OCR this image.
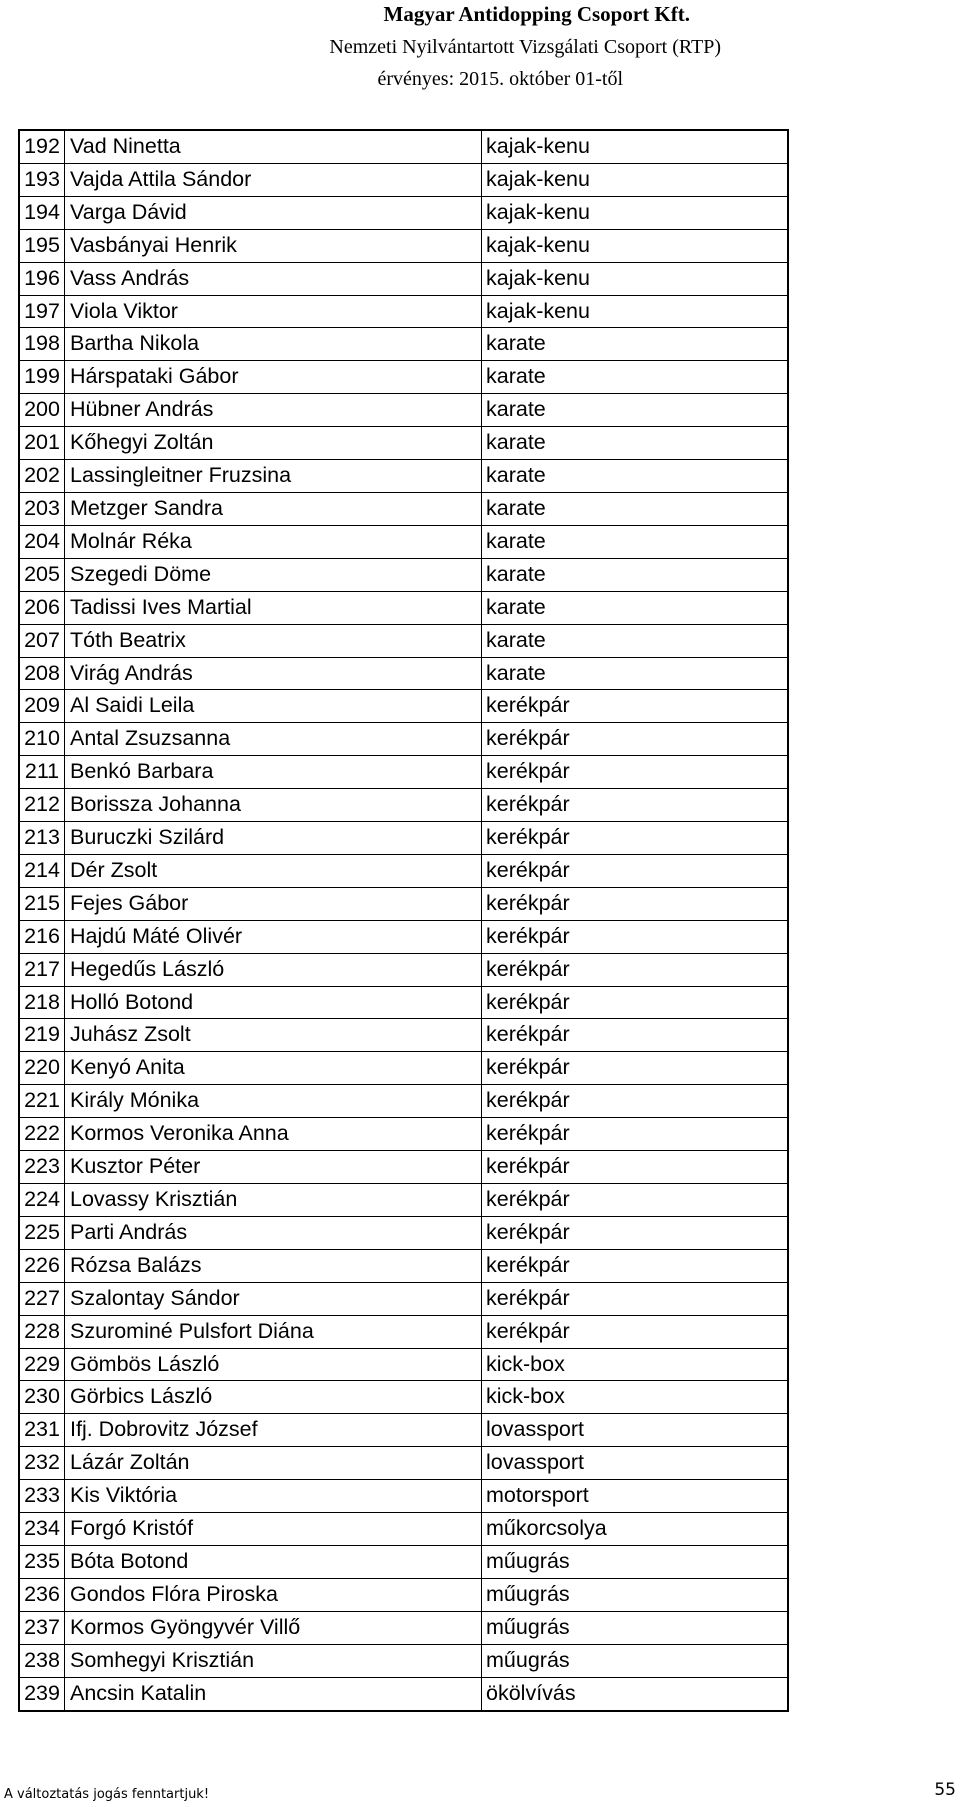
Magyar Antidopping Csoport Kft.
Nemzeti Nyilvántartott Vizsgálati Csoport (RTP)
érvényes: 2015. október 01-től
192	Vad Ninetta	kajak-kenu
193	Vajda Attila Sándor	kajak-kenu
194	Varga Dávid	kajak-kenu
195	Vasbányai Henrik	kajak-kenu
196	Vass András	kajak-kenu
197	Viola Viktor	kajak-kenu
198	Bartha Nikola	karate
199	Hárspataki Gábor	karate
200	Hübner András	karate
201	Kőhegyi Zoltán	karate
202	Lassingleitner Fruzsina	karate
203	Metzger Sandra	karate
204	Molnár Réka	karate
205	Szegedi Döme	karate
206	Tadissi Ives Martial	karate
207	Tóth Beatrix	karate
208	Virág András	karate
209	Al Saidi Leila	kerékpár
210	Antal Zsuzsanna	kerékpár
211	Benkó Barbara	kerékpár
212	Borissza Johanna	kerékpár
213	Buruczki Szilárd	kerékpár
214	Dér Zsolt	kerékpár
215	Fejes Gábor	kerékpár
216	Hajdú Máté Olivér	kerékpár
217	Hegedűs László	kerékpár
218	Holló Botond	kerékpár
219	Juhász Zsolt	kerékpár
220	Kenyó Anita	kerékpár
221	Király Mónika	kerékpár
222	Kormos Veronika Anna	kerékpár
223	Kusztor Péter	kerékpár
224	Lovassy Krisztián	kerékpár
225	Parti András	kerékpár
226	Rózsa Balázs	kerékpár
227	Szalontay Sándor	kerékpár
228	Szurominé Pulsfort Diána	kerékpár
229	Gömbös László	kick-box
230	Görbics László	kick-box
231	Ifj. Dobrovitz József	lovassport
232	Lázár Zoltán	lovassport
233	Kis Viktória	motorsport
234	Forgó Kristóf	műkorcsolya
235	Bóta Botond	műugrás
236	Gondos Flóra Piroska	műugrás
237	Kormos Gyöngyvér Villő	műugrás
238	Somhegyi Krisztián	műugrás
239	Ancsin Katalin	ökölvívás
A változtatás jogás fenntartjuk!	55
